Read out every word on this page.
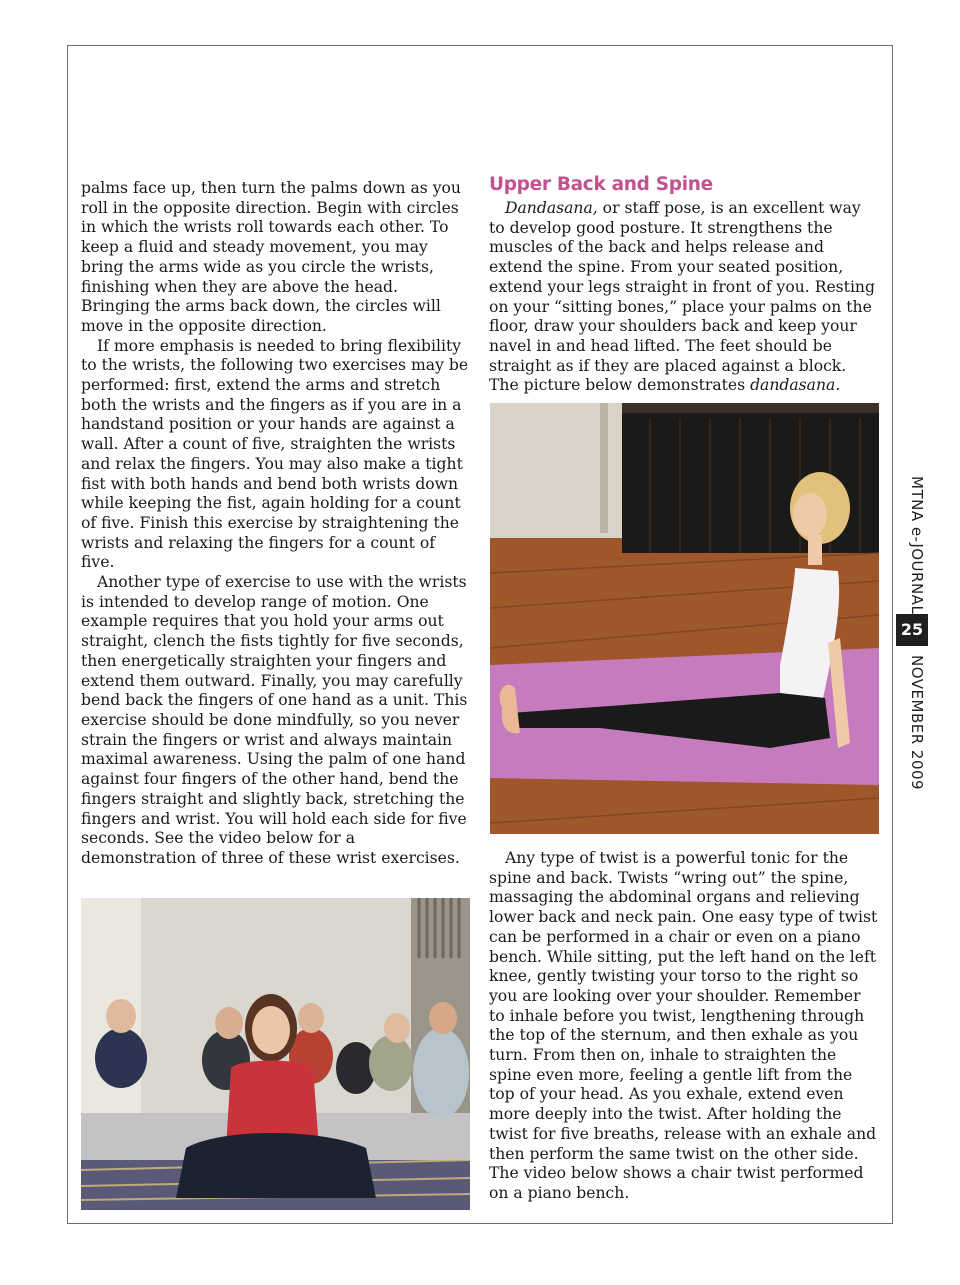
palms face up, then turn the palms down as you roll in the opposite direction. Begin with circles in which the wrists roll towards each other. To keep a fluid and steady movement, you may bring the arms wide as you circle the wrists, finishing when they are above the head. Bringing the arms back down, the circles will move in the opposite direction.

If more emphasis is needed to bring flexibility to the wrists, the following two exercises may be performed: first, extend the arms and stretch both the wrists and the fingers as if you are in a handstand position or your hands are against a wall. After a count of five, straighten the wrists and relax the fingers. You may also make a tight fist with both hands and bend both wrists down while keeping the fist, again holding for a count of five. Finish this exercise by straightening the wrists and relaxing the fingers for a count of five.

Another type of exercise to use with the wrists is intended to develop range of motion. One example requires that you hold your arms out straight, clench the fists tightly for five seconds, then energetically straighten your fingers and extend them outward. Finally, you may carefully bend back the fingers of one hand as a unit. This exercise should be done mindfully, so you never strain the fingers or wrist and always maintain maximal awareness. Using the palm of one hand against four fingers of the other hand, bend the fingers straight and slightly back, stretching the fingers and wrist. You will hold each side for five seconds. See the video below for a demonstration of three of these wrist exercises.

Upper Back and Spine

Dandasana, or staff pose, is an excellent way to develop good posture. It strengthens the muscles of the back and helps release and extend the spine. From your seated position, extend your legs straight in front of you. Resting on your “sitting bones,” place your palms on the floor, draw your shoulders back and keep your navel in and head lifted. The feet should be straight as if they are placed against a block. The picture below demonstrates dandasana.

Any type of twist is a powerful tonic for the spine and back. Twists “wring out” the spine, massaging the abdominal organs and relieving lower back and neck pain. One easy type of twist can be performed in a chair or even on a piano bench. While sitting, put the left hand on the left knee, gently twisting your torso to the right so you are looking over your shoulder. Remember to inhale before you twist, lengthening through the top of the sternum, and then exhale as you turn. From then on, inhale to straighten the spine even more, feeling a gentle lift from the top of your head. As you exhale, extend even more deeply into the twist. After holding the twist for five breaths, release with an exhale and then perform the same twist on the other side. The video below shows a chair twist performed on a piano bench.

MTNA e-JOURNAL
25
NOVEMBER 2009
